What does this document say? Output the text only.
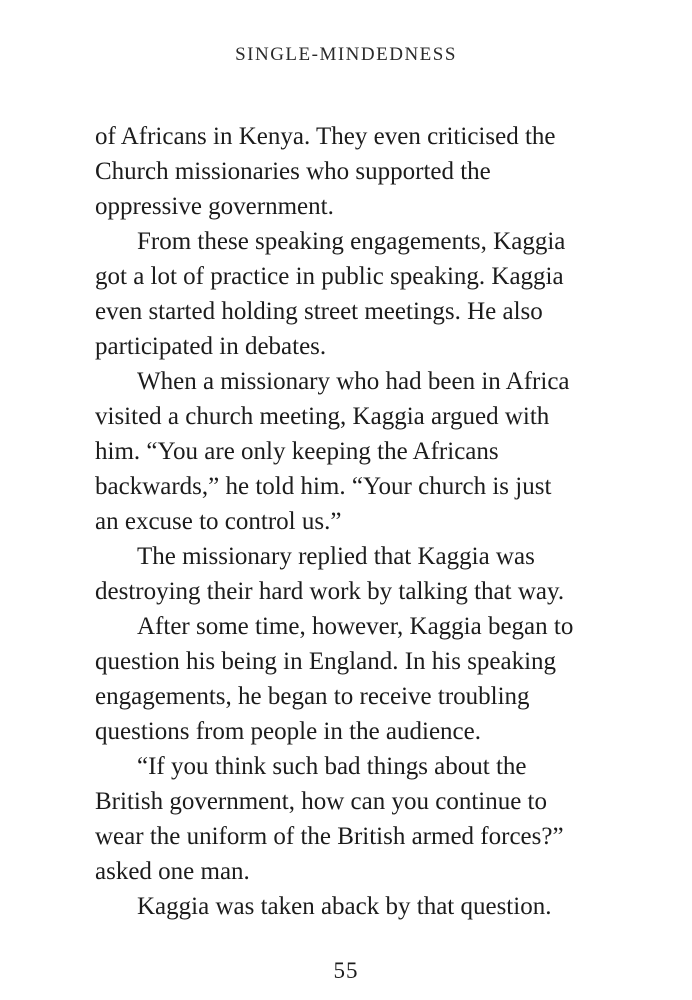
SINGLE-MINDEDNESS
of Africans in Kenya. They even criticised the
Church missionaries who supported the
oppressive government.
From these speaking engagements, Kaggia
got a lot of practice in public speaking. Kaggia
even started holding street meetings. He also
participated in debates.
When a missionary who had been in Africa
visited a church meeting, Kaggia argued with
him. “You are only keeping the Africans
backwards,” he told him. “Your church is just
an excuse to control us.”
The missionary replied that Kaggia was
destroying their hard work by talking that way.
After some time, however, Kaggia began to
question his being in England. In his speaking
engagements, he began to receive troubling
questions from people in the audience.
“If you think such bad things about the
British government, how can you continue to
wear the uniform of the British armed forces?”
asked one man.
Kaggia was taken aback by that question.
55
